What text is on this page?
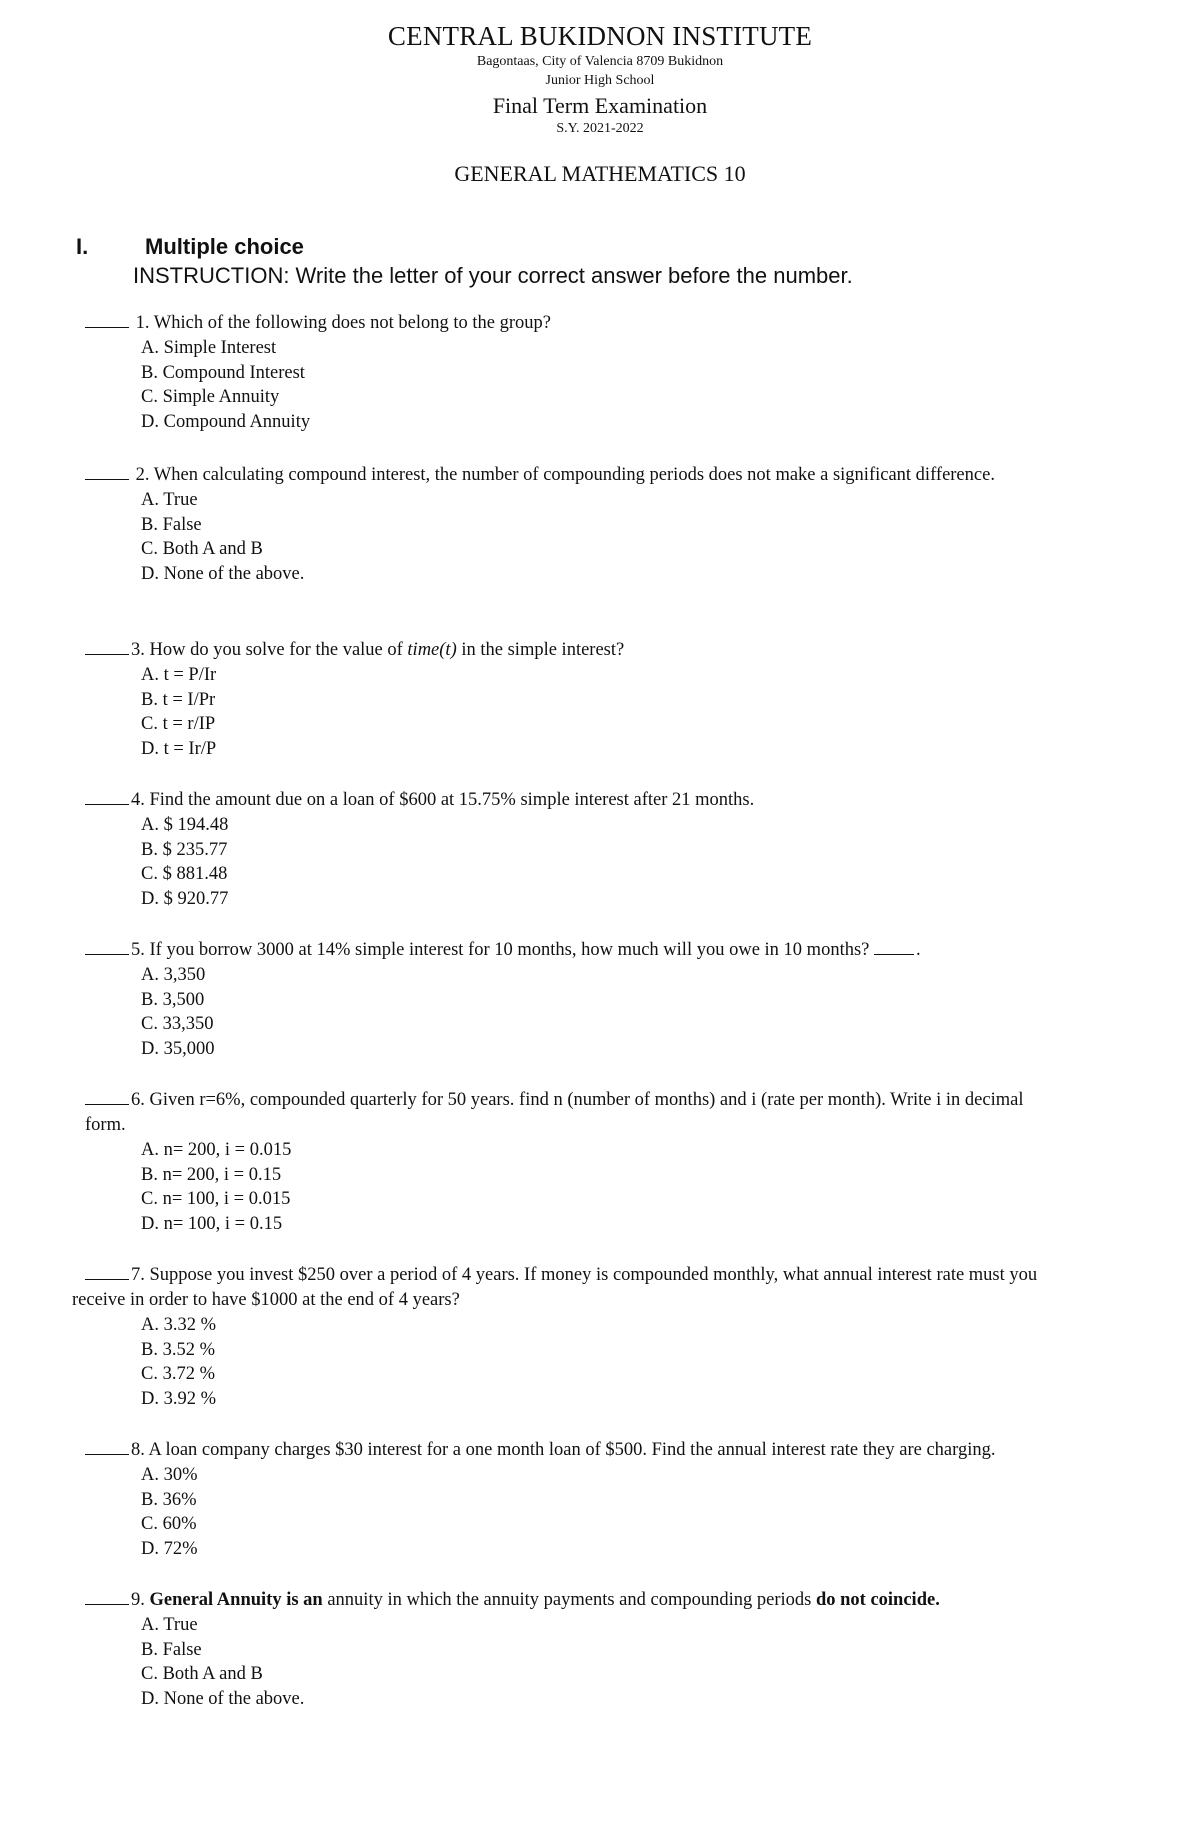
CENTRAL BUKIDNON INSTITUTE
Bagontaas, City of Valencia 8709 Bukidnon
Junior High School
Final Term Examination
S.Y. 2021-2022
GENERAL MATHEMATICS 10
I.	Multiple choice
INSTRUCTION: Write the letter of your correct answer before the number.
1. Which of the following does not belong to the group?
A. Simple Interest
B. Compound Interest
C. Simple Annuity
D. Compound Annuity
2. When calculating compound interest, the number of compounding periods does not make a significant difference.
A. True
B. False
C. Both A and B
D. None of the above.
3. How do you solve for the value of time(t) in the simple interest?
A. t = P/Ir
B. t = I/Pr
C. t = r/IP
D. t = Ir/P
4. Find the amount due on a loan of $600 at 15.75% simple interest after 21 months.
A. $ 194.48
B. $ 235.77
C. $ 881.48
D. $ 920.77
5. If you borrow 3000 at 14% simple interest for 10 months, how much will you owe in 10 months?	.
A. 3,350
B. 3,500
C. 33,350
D. 35,000
6. Given r=6%, compounded quarterly for 50 years. find n (number of months) and i (rate per month). Write i in decimal form.
A. n= 200, i = 0.015
B. n= 200, i = 0.15
C. n= 100, i = 0.015
D. n= 100, i = 0.15
7. Suppose you invest $250 over a period of 4 years. If money is compounded monthly, what annual interest rate must you receive in order to have $1000 at the end of 4 years?
A. 3.32 %
B. 3.52 %
C. 3.72 %
D. 3.92 %
8. A loan company charges $30 interest for a one month loan of $500. Find the annual interest rate they are charging.
A. 30%
B. 36%
C. 60%
D. 72%
9. General Annuity is an annuity in which the annuity payments and compounding periods do not coincide.
A. True
B. False
C. Both A and B
D. None of the above.
